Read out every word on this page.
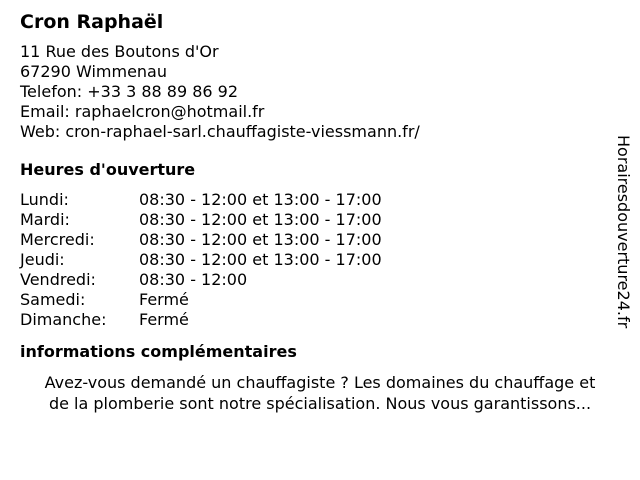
Cron Raphaël
11 Rue des Boutons d'Or
67290 Wimmenau
Telefon: +33 3 88 89 86 92
Email: raphaelcron@hotmail.fr
Web: cron-raphael-sarl.chauffagiste-viessmann.fr/
Heures d'ouverture
Lundi:	08:30 - 12:00 et 13:00 - 17:00
Mardi:	08:30 - 12:00 et 13:00 - 17:00
Mercredi:	08:30 - 12:00 et 13:00 - 17:00
Jeudi:	08:30 - 12:00 et 13:00 - 17:00
Vendredi:	08:30 - 12:00
Samedi:	Fermé
Dimanche:	Fermé
informations complémentaires
Avez-vous demandé un chauffagiste ? Les domaines du chauffage et
de la plomberie sont notre spécialisation. Nous vous garantissons...
Horairesdouverture24.fr
